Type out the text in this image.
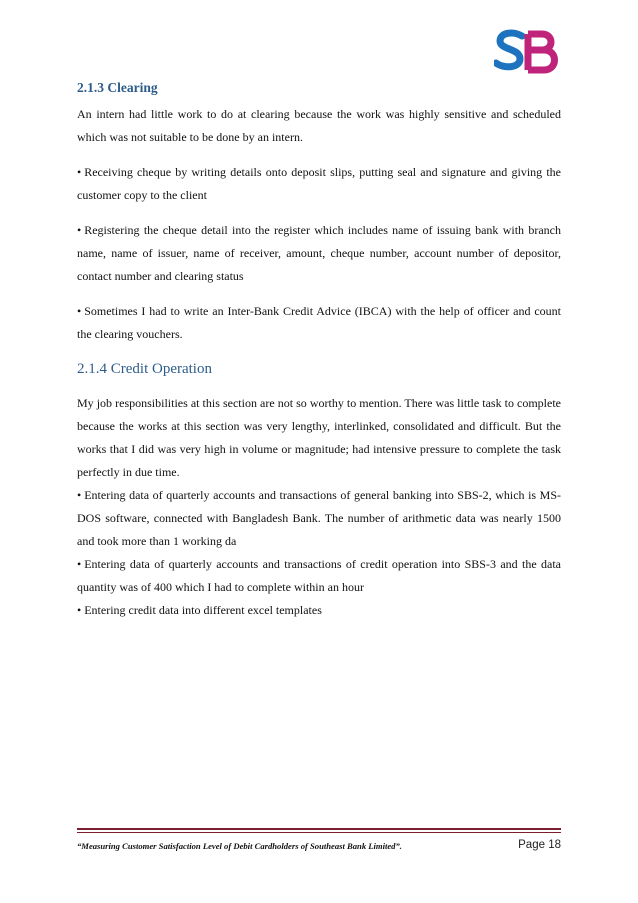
2.1.3 Clearing

An intern had little work to do at clearing because the work was highly sensitive and scheduled which was not suitable to be done by an intern.

• Receiving cheque by writing details onto deposit slips, putting seal and signature and giving the customer copy to the client

• Registering the cheque detail into the register which includes name of issuing bank with branch name, name of issuer, name of receiver, amount, cheque number, account number of depositor, contact number and clearing status

• Sometimes I had to write an Inter-Bank Credit Advice (IBCA) with the help of officer and count the clearing vouchers.

2.1.4 Credit Operation

My job responsibilities at this section are not so worthy to mention. There was little task to complete because the works at this section was very lengthy, interlinked, consolidated and difficult. But the works that I did was very high in volume or magnitude; had intensive pressure to complete the task perfectly in due time.

• Entering data of quarterly accounts and transactions of general banking into SBS-2, which is MS-DOS software, connected with Bangladesh Bank. The number of arithmetic data was nearly 1500 and took more than 1 working da

• Entering data of quarterly accounts and transactions of credit operation into SBS-3 and the data quantity was of 400 which I had to complete within an hour

• Entering credit data into different excel templates

“Measuring Customer Satisfaction Level of Debit Cardholders of Southeast Bank Limited”.	Page 18
